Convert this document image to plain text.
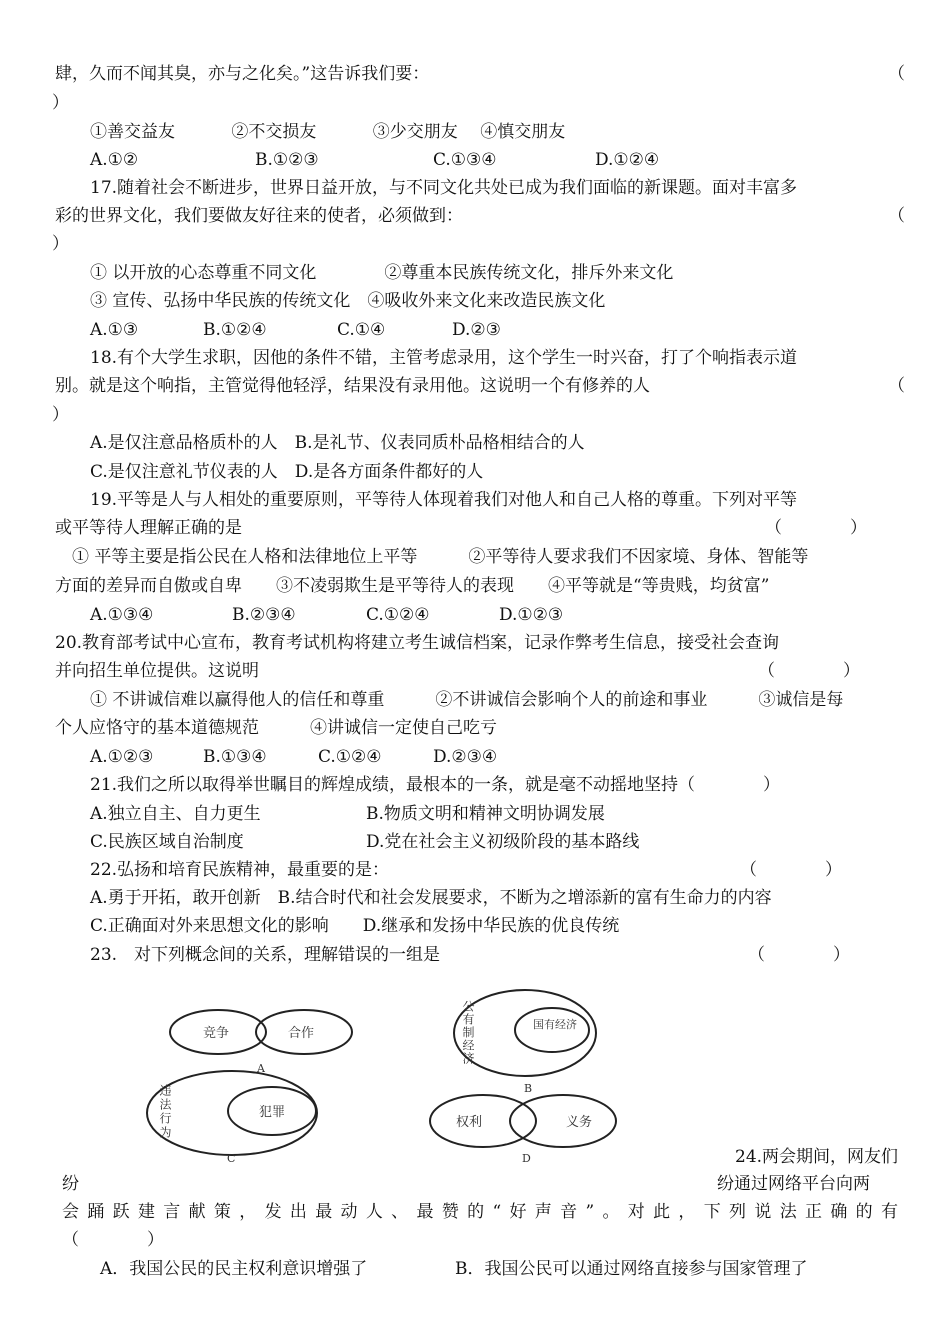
肆，久而不闻其臭，亦与之化矣。”这告诉我们要：	（
）
①善交益友　　　 ②不交损友　　　 ③少交朋友　 ④慎交朋友
A.①②	B.①②③	C.①③④	D.①②④
17.随着社会不断进步，世界日益开放，与不同文化共处已成为我们面临的新课题。面对丰富多
彩的世界文化，我们要做友好往来的使者，必须做到：	（
）
① 以开放的心态尊重不同文化　　　　②尊重本民族传统文化，排斥外来文化
③ 宣传、弘扬中华民族的传统文化　④吸收外来文化来改造民族文化
A.①③	B.①②④	C.①④	D.②③
18.有个大学生求职，因他的条件不错，主管考虑录用，这个学生一时兴奋，打了个响指表示道
别。就是这个响指，主管觉得他轻浮，结果没有录用他。这说明一个有修养的人	（
）
A.是仅注意品格质朴的人　B.是礼节、仪表同质朴品格相结合的人
C.是仅注意礼节仪表的人　D.是各方面条件都好的人
19.平等是人与人相处的重要原则，平等待人体现着我们对他人和自己人格的尊重。下列对平等
或平等待人理解正确的是	（　　　　）
① 平等主要是指公民在人格和法律地位上平等　　　②平等待人要求我们不因家境、身体、智能等
方面的差异而自傲或自卑　　③不凌弱欺生是平等待人的表现　　④平等就是“等贵贱，均贫富”
A.①③④	B.②③④	C.①②④	D.①②③
20.教育部考试中心宣布，教育考试机构将建立考生诚信档案，记录作弊考生信息，接受社会查询
并向招生单位提供。这说明	（　　　　）
① 不讲诚信难以赢得他人的信任和尊重　　　②不讲诚信会影响个人的前途和事业　　　③诚信是每
个人应恪守的基本道德规范　　　④讲诚信一定使自己吃亏
A.①②③	B.①③④	C.①②④	D.②③④
21.我们之所以取得举世瞩目的辉煌成绩，最根本的一条，就是毫不动摇地坚持（　　　　）
A.独立自主、自力更生	B.物质文明和精神文明协调发展
C.民族区域自治制度	D.党在社会主义初级阶段的基本路线
22.弘扬和培育民族精神，最重要的是：	（　　　　）
A.勇于开拓，敢开创新　B.结合时代和社会发展要求，不断为之增添新的富有生命力的内容
C.正确面对外来思想文化的影响　　D.继承和发扬中华民族的优良传统
23.　对下列概念间的关系，理解错误的一组是	（　　　　）
竞争	合作
A
公有制经济	国有经济
B
违法行为	犯罪
C
权利	义务
D	24.两会期间，网友们
纷	纷通过网络平台向两
会踊跃建言献策，发出最动人、最赞的“好声音”。对此，下列说法正确的有
（　　　　）
A．我国公民的民主权利意识增强了	B．我国公民可以通过网络直接参与国家管理了
